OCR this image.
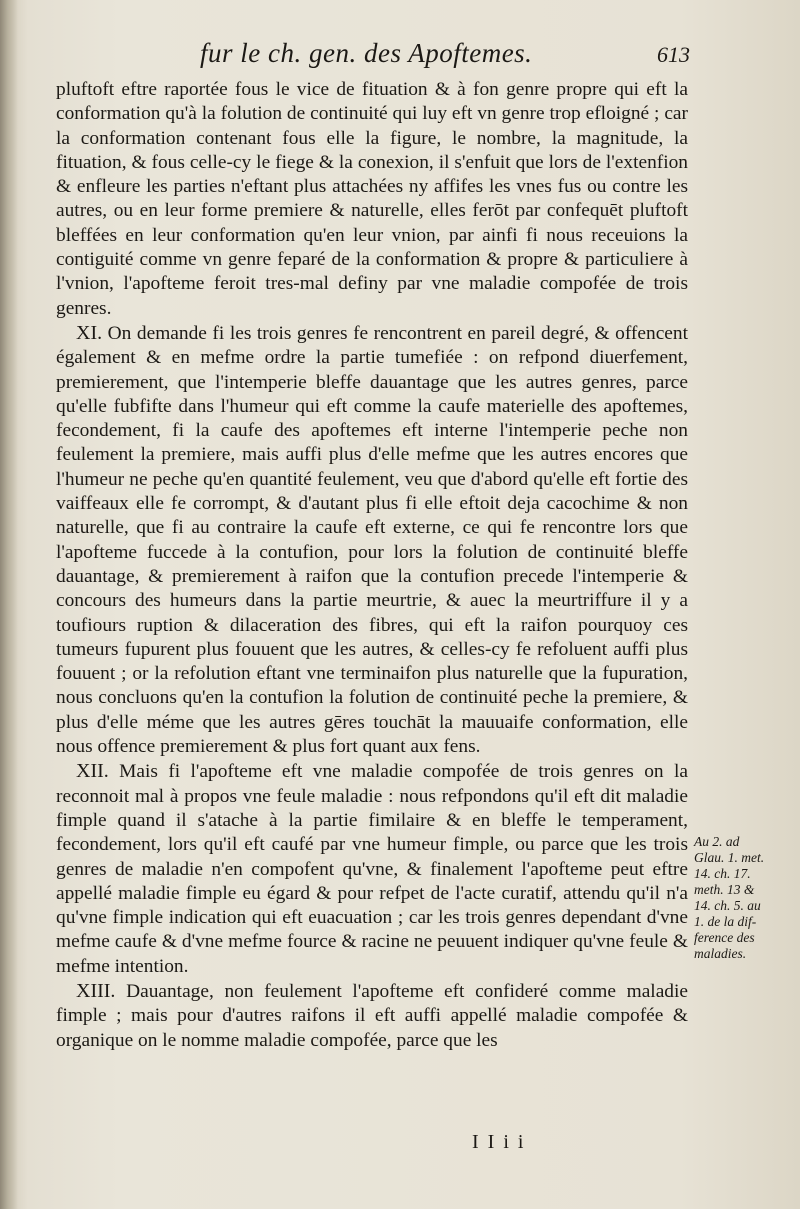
fur le ch. gen. des Apoftemes.	613

pluftoft eftre raportée fous le vice de fituation & à fon genre propre qui eft la conformation qu'à la folution de continuité qui luy eft vn genre trop efloigné ; car la conformation contenant fous elle la figure, le nombre, la magnitude, la fituation, & fous celle-cy le fiege & la conexion, il s'enfuit que lors de l'extenfion & enfleure les parties n'eftant plus attachées ny affifes les vnes fus ou contre les autres, ou en leur forme premiere & naturelle, elles ferōt par confequēt pluftoft bleffées en leur conformation qu'en leur vnion, par ainfi fi nous receuions la contiguité comme vn genre feparé de la conformation & propre & particuliere à l'vnion, l'apofteme feroit tres-mal definy par vne maladie compofée de trois genres.

XI. On demande fi les trois genres fe rencontrent en pareil degré, & offencent également & en mefme ordre la partie tumefiée : on refpond diuerfement, premierement, que l'intemperie bleffe dauantage que les autres genres, parce qu'elle fubfifte dans l'humeur qui eft comme la caufe materielle des apoftemes, fecondement, fi la caufe des apoftemes eft interne l'intemperie peche non feulement la premiere, mais auffi plus d'elle mefme que les autres encores que l'humeur ne peche qu'en quantité feulement, veu que d'abord qu'elle eft fortie des vaiffeaux elle fe corrompt, & d'autant plus fi elle eftoit deja cacochime & non naturelle, que fi au contraire la caufe eft externe, ce qui fe rencontre lors que l'apofteme fuccede à la contufion, pour lors la folution de continuité bleffe dauantage, & premierement à raifon que la contufion precede l'intemperie & concours des humeurs dans la partie meurtrie, & auec la meurtriffure il y a toufiours ruption & dilaceration des fibres, qui eft la raifon pourquoy ces tumeurs fupurent plus fouuent que les autres, & celles-cy fe refoluent auffi plus fouuent ; or la refolution eftant vne terminaifon plus naturelle que la fupuration, nous concluons qu'en la contufion la folution de continuité peche la premiere, & plus d'elle méme que les autres gēres touchāt la mauuaife conformation, elle nous offence premierement & plus fort quant aux fens.

XII. Mais fi l'apofteme eft vne maladie compofée de trois genres on la reconnoit mal à propos vne feule maladie : nous refpondons qu'il eft dit maladie fimple quand il s'atache à la partie fimilaire & en bleffe le temperament, fecondement, lors qu'il eft caufé par vne humeur fimple, ou parce que les trois genres de maladie n'en compofent qu'vne, & finalement l'apofteme peut eftre appellé maladie fimple eu égard & pour refpet de l'acte curatif, attendu qu'il n'a qu'vne fimple indication qui eft euacuation ; car les trois genres dependant d'vne mefme caufe & d'vne mefme fource & racine ne peuuent indiquer qu'vne feule & mefme intention.

XIII. Dauantage, non feulement l'apofteme eft confideré comme maladie fimple ; mais pour d'autres raifons il eft auffi appellé maladie compofée & organique on le nomme maladie compofée, parce que les

Au 2. ad
Glau. 1. met.
14. ch. 17.
meth. 13 &
14. ch. 5. au
1. de la dif-
ference des
maladies.
I I i i
